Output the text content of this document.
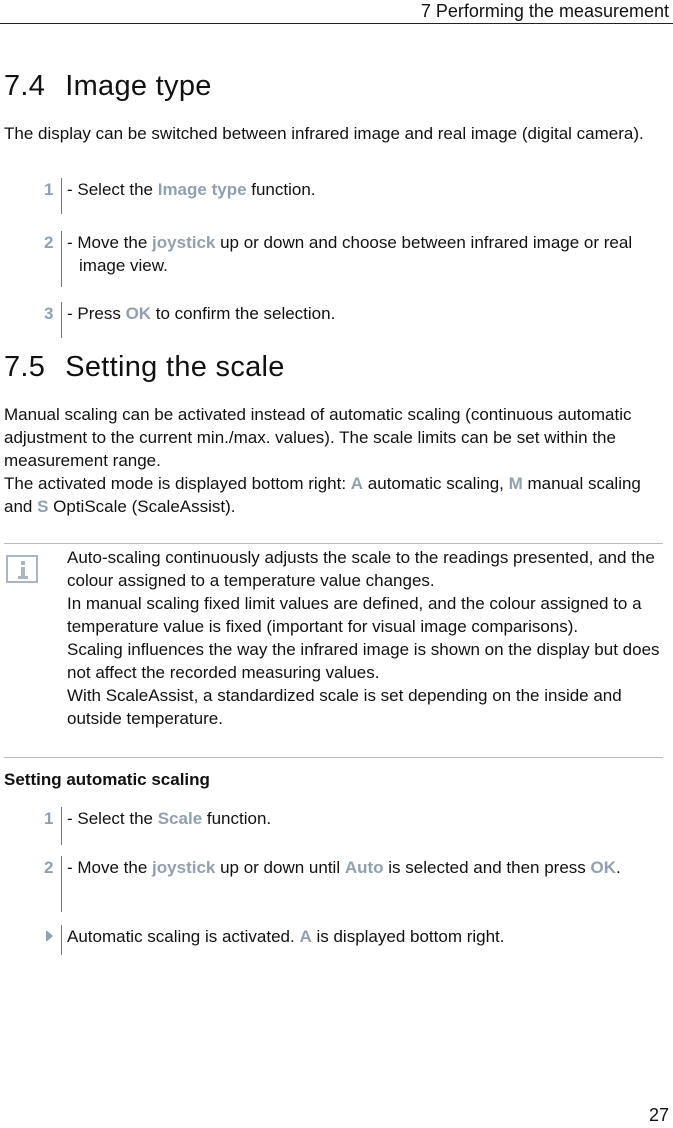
7 Performing the measurement
7.4 Image type

The display can be switched between infrared image and real image (digital camera).

1 - Select the Image type function.
2 - Move the joystick up or down and choose between infrared image or real image view.
3 - Press OK to confirm the selection.
7.5 Setting the scale

Manual scaling can be activated instead of automatic scaling (continuous automatic adjustment to the current min./max. values). The scale limits can be set within the measurement range.

The activated mode is displayed bottom right: A automatic scaling, M manual scaling and S OptiScale (ScaleAssist).

Auto-scaling continuously adjusts the scale to the readings presented, and the colour assigned to a temperature value changes.
In manual scaling fixed limit values are defined, and the colour assigned to a temperature value is fixed (important for visual image comparisons).
Scaling influences the way the infrared image is shown on the display but does not affect the recorded measuring values.
With ScaleAssist, a standardized scale is set depending on the inside and outside temperature.
Setting automatic scaling
1 - Select the Scale function.
2 - Move the joystick up or down until Auto is selected and then press OK.
Automatic scaling is activated. A is displayed bottom right.
27
